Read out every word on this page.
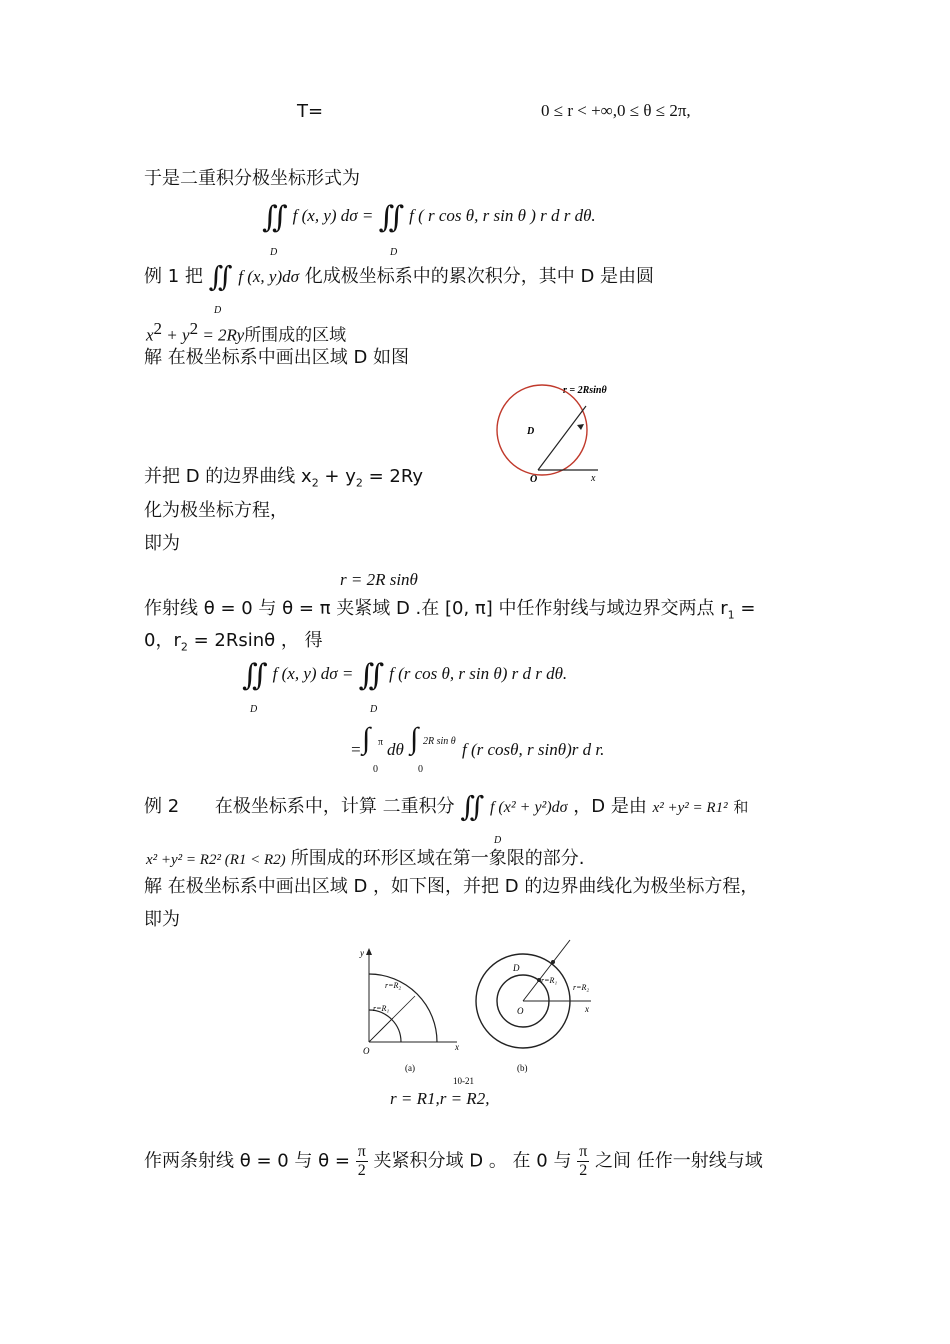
T=	0 ≤ r < +∞,0 ≤ θ ≤ 2π,
于是二重积分极坐标形式为
∬ f (x, y) dσ = ∬ f ( r cos θ, r sin θ ) r d r dθ.
D	D
例 1 把 ∬ f (x, y)dσ 化成极坐标系中的累次积分，其中 D 是由圆
D
$x^2 + y^2 = 2Ry$所围成的区域
解 在极坐标系中画出区域 D 如图
r = 2Rsinθ
D
O	x
并把 D 的边界曲线 $x_2 + y_2 = 2Ry$
化为极坐标方程，
即为
r = 2R sinθ
作射线 θ = 0 与 θ = π 夹紧域 D .在 [0, π] 中任作射线与域边界交两点 $r_1$ =
0，$r_2 = 2Rsin\theta$ ， 得
∬ f (x, y) dσ = ∬ f (r cos θ, r sin θ) r d r dθ.
D	D
= ∫ π
0
dθ ∫ 2R sin θ
0
f (r cosθ, r sinθ)r d r.
例 2 在极坐标系中，计算 二重积分 ∬ f (x² + y²)dσ ，D 是由 x² +y² = R1² 和
D
x² +y² = R2² (R1 < R2) 所围成的环形区域在第一象限的部分.
解 在极坐标系中画出区域 D ，如下图，并把 D 的边界曲线化为极坐标方程，
即为
y
r=R₂
r=R₁
O	x
(a)
10-21
D
r=R₁
r=R₂
O	x
(b)
r = R1,r = R2,
作两条射线 θ = 0 与 $\theta = \frac{\pi}{2}$ 夹紧积分域 D 。 在 0 与 $\frac{\pi}{2}$ 之间 任作一射线与域
